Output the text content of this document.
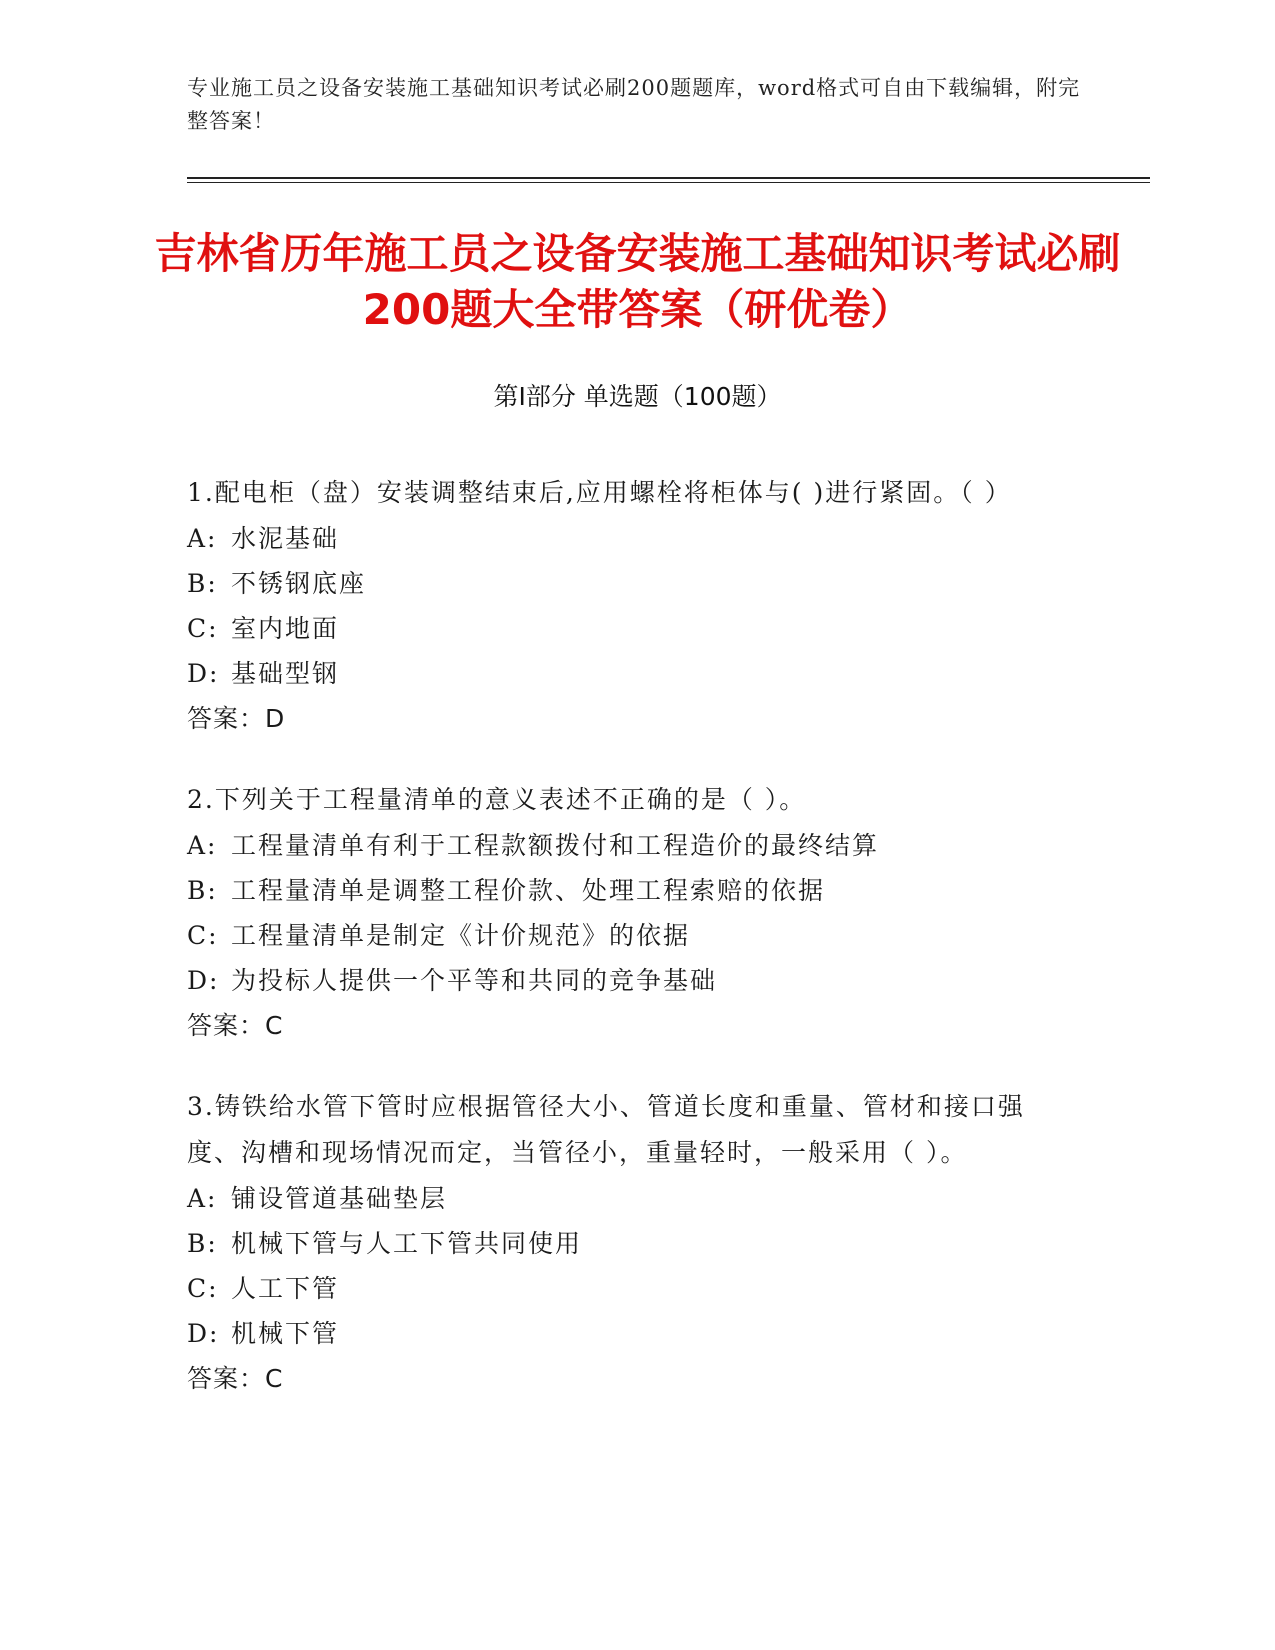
专业施工员之设备安装施工基础知识考试必刷200题题库，word格式可自由下载编辑，附完整答案！
吉林省历年施工员之设备安装施工基础知识考试必刷200题大全带答案（研优卷）
第Ⅰ部分 单选题（100题）
1.配电柜（盘）安装调整结束后,应用螺栓将柜体与( )进行紧固。（ ）
A: 水泥基础
B: 不锈钢底座
C: 室内地面
D: 基础型钢
答案：D
2.下列关于工程量清单的意义表述不正确的是（ ）。
A: 工程量清单有利于工程款额拨付和工程造价的最终结算
B: 工程量清单是调整工程价款、处理工程索赔的依据
C: 工程量清单是制定《计价规范》的依据
D: 为投标人提供一个平等和共同的竞争基础
答案：C
3.铸铁给水管下管时应根据管径大小、管道长度和重量、管材和接口强度、沟槽和现场情况而定，当管径小，重量轻时，一般采用（ ）。
A: 铺设管道基础垫层
B: 机械下管与人工下管共同使用
C: 人工下管
D: 机械下管
答案：C
